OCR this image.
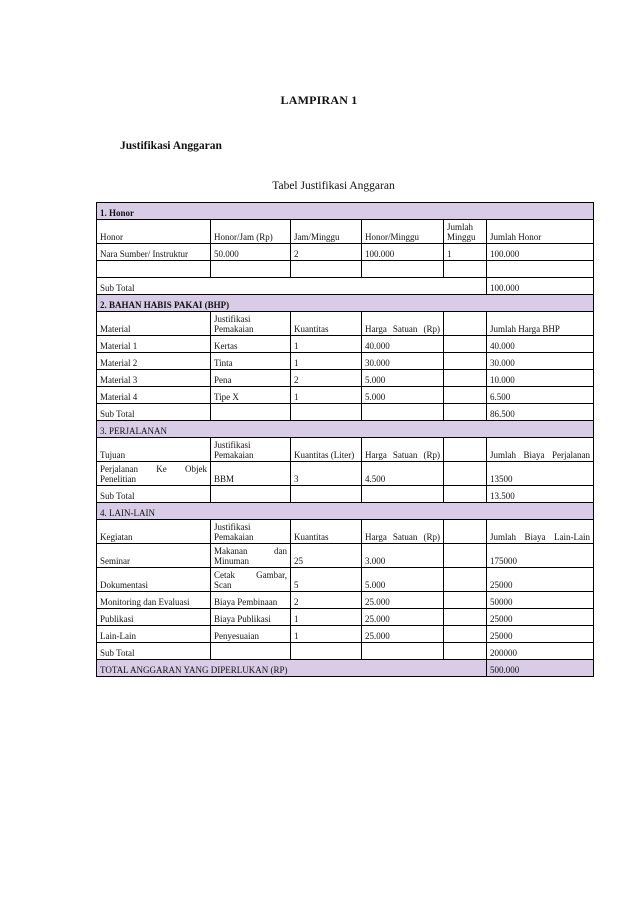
LAMPIRAN 1
Justifikasi Anggaran
Tabel Justifikasi Anggaran
1. Honor					
Honor	Honor/Jam (Rp)	Jam/Minggu	Honor/Minggu	Jumlah Minggu	Jumlah Honor
Nara Sumber/ Instruktur	50.000	2	100.000	1	100.000

Sub Total					100.000
2. BAHAN HABIS PAKAI (BHP)					
Material	Justifikasi Pemakaian	Kuantitas	Harga Satuan (Rp)		Jumlah Harga BHP
Material 1	Kertas	1	40.000		40.000
Material 2	Tinta	1	30.000		30.000
Material 3	Pena	2	5.000		10.000
Material 4	Tipe X	1	5.000		6.500
Sub Total					86.500
3. PERJALANAN					
Tujuan	Justifikasi Pemakaian	Kuantitas (Liter)	Harga Satuan (Rp)		Jumlah Biaya Perjalanan
Perjalanan Ke Objek Penelitian	BBM	3	4.500		13500
Sub Total					13.500
4. LAIN-LAIN					
Kegiatan	Justifikasi Pemakaian	Kuantitas	Harga Satuan (Rp)		Jumlah Biaya Lain-Lain
Seminar	Makanan dan Minuman	25	3.000		175000
Dokumentasi	Cetak Gambar, Scan	5	5.000		25000
Monitoring dan Evaluasi	Biaya Pembinaan	2	25.000		50000
Publikasi	Biaya Publikasi	1	25.000		25000
Lain-Lain	Penyesuaian	1	25.000		25000
Sub Total					200000
TOTAL ANGGARAN YANG DIPERLUKAN (RP)					500.000
